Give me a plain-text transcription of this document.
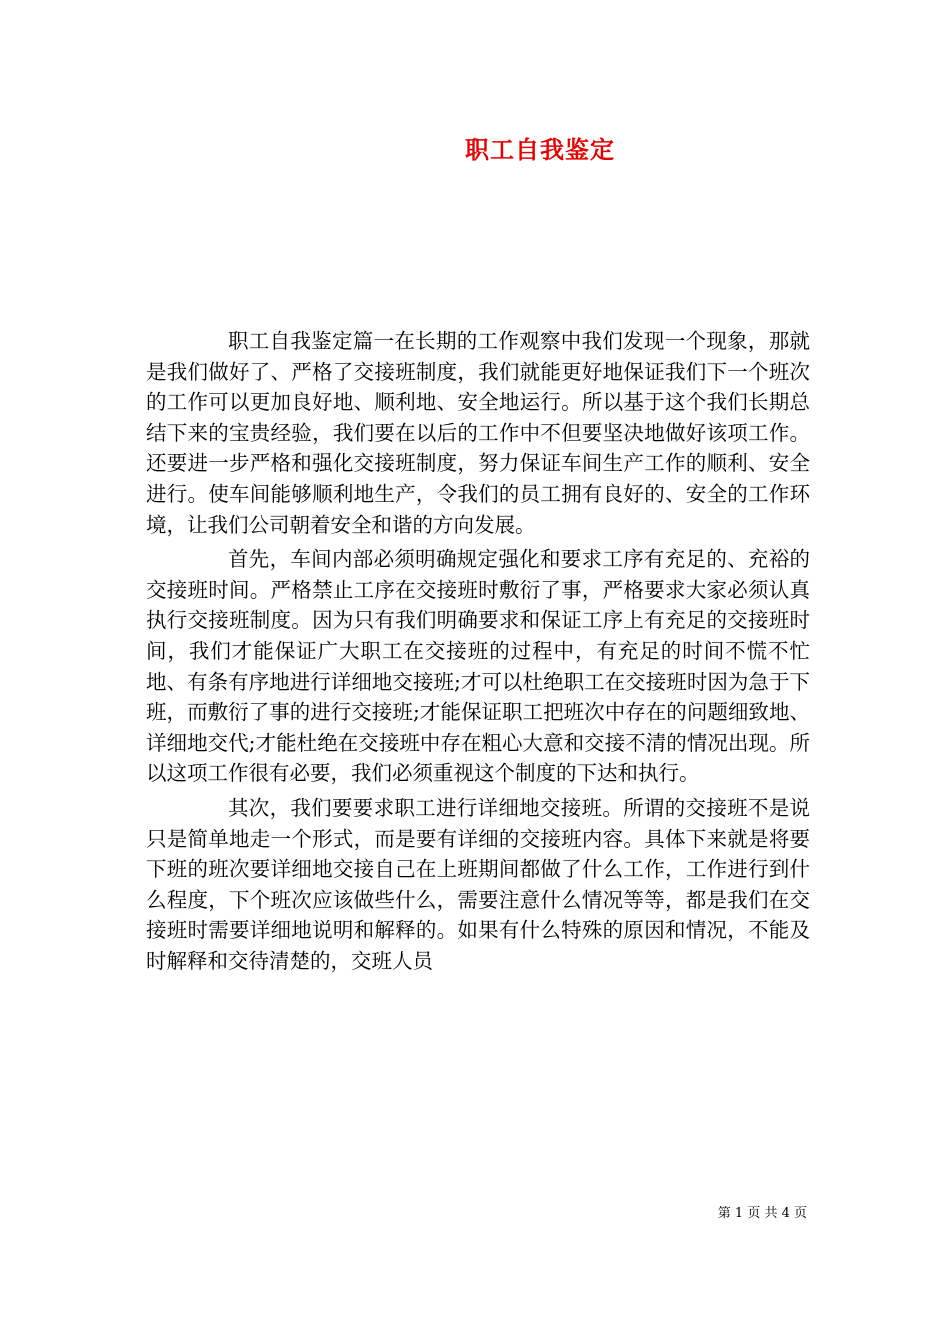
职工自我鉴定

职工自我鉴定篇一在长期的工作观察中我们发现一个现象，那就是我们做好了、严格了交接班制度，我们就能更好地保证我们下一个班次的工作可以更加良好地、顺利地、安全地运行。所以基于这个我们长期总结下来的宝贵经验，我们要在以后的工作中不但要坚决地做好该项工作。还要进一步严格和强化交接班制度，努力保证车间生产工作的顺利、安全进行。使车间能够顺利地生产，令我们的员工拥有良好的、安全的工作环境，让我们公司朝着安全和谐的方向发展。

首先，车间内部必须明确规定强化和要求工序有充足的、充裕的交接班时间。严格禁止工序在交接班时敷衍了事，严格要求大家必须认真执行交接班制度。因为只有我们明确要求和保证工序上有充足的交接班时间，我们才能保证广大职工在交接班的过程中，有充足的时间不慌不忙地、有条有序地进行详细地交接班;才可以杜绝职工在交接班时因为急于下班，而敷衍了事的进行交接班;才能保证职工把班次中存在的问题细致地、详细地交代;才能杜绝在交接班中存在粗心大意和交接不清的情况出现。所以这项工作很有必要，我们必须重视这个制度的下达和执行。

其次，我们要要求职工进行详细地交接班。所谓的交接班不是说只是简单地走一个形式，而是要有详细的交接班内容。具体下来就是将要下班的班次要详细地交接自己在上班期间都做了什么工作，工作进行到什么程度，下个班次应该做些什么，需要注意什么情况等等，都是我们在交接班时需要详细地说明和解释的。如果有什么特殊的原因和情况，不能及时解释和交待清楚的，交班人员

第 1 页 共 4 页
